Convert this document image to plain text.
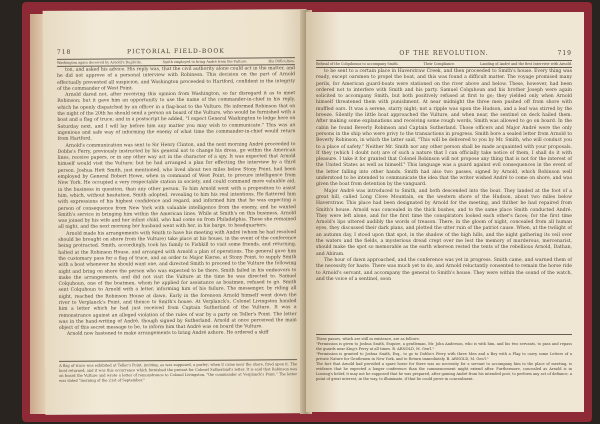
718	PICTORIAL FIELD-BOOK
Washington again deceived by Arnold's Duplicity.	Smith employed to bring André from the Vulture.	His Difficulties.

ton, and asked his advice. His reply was, that the civil authority alone could act in the matter, and he did not approve of a personal interview with Robinson. This decision on the part of Arnold effectually prevented all suspicion, and Washington proceeded to Hartford, confident in the integrity of the commander of West Point.

Arnold dared not, after receiving this opinion from Washington, so far disregard it as to meet Robinson; but it gave him an opportunity to use the name of the commander-in-chief in his reply, which he openly dispatched by an officer in a flag-boat to the Vulture. He informed Robinson that on the night of the 20th he should send a person on board of the Vulture, who would be furnished with a boat and a flag of truce; and in a postscript he added, "I expect General Washington to lodge here on Saturday next, and I will lay before him any matter you may wish to communicate." This was an ingenious and safe way of informing the enemy of what time the commander-in-chief would return from Hartford.

Arnold's communication was sent to Sir Henry Clinton, and the next morning André proceeded to Dobbs's Ferry, previously instructed by his general not to change his dress, go within the American lines, receive papers, or in any other way act in the character of a spy. It was expected that Arnold himself would visit the Vulture; but he had arranged a plan for effecting the interview by a third person. Joshua Hett Smith, just mentioned, who lived about two miles below Stony Point, had been employed by General Robert Howe, when in command of West Point, to procure intelligence from New York. He occupied a very respectable station in society, and could command more valuable aid, in the business in question, than any other person. To him Arnold went with a proposition to assist him, which, without hesitation, Smith adopted, revealing to him his real intentions. He flattered him with expressions of his highest confidence and regard, and informed him that he was expecting a person of consequence from New York with valuable intelligence from the enemy, and he wanted Smith's service in bringing him within the American lines. While at Smith's on this business, Arnold was joined by his wife and her infant child, who had come on from Philadelphia. These she remained all night, and the next morning her husband went with her, in his barge, to headquarters.

Arnold made his arrangements with Smith to have his meeting with André (whom he had resolved should be brought on shore from the Vulture) take place at his house, in the event of the conference being protracted. Smith, accordingly, took his family to Fishkill to visit some friends, and returning, halted at the Robinson House, and arranged with Arnold a plan of operations. The general gave him the customary pass for a flag of truce, and an order to Major Kierse, at Stony Point, to supply Smith with a boat whenever he should want one, and directed Smith to proceed to the Vulture the following night and bring on shore the person who was expected to be there. Smith failed in his endeavors to make the arrangements, and did not visit the Vulture at the time he was directed to. Samuel Colquhoun, one of the boatmen, whom he applied for assistance as boatmen, refused to go. Smith sent Colquhoun to Arnold with a letter, informing him of his failure. The messenger, by riding all night, reached the Robinson House at dawn. Early in the forenoon Arnold himself went down the river to Verplanck's Point, and thence to Smith's house. At Verplanck's, Colonel Livingston handed him a letter which he had just received from Captain Sutherland of the Vulture. It was a remonstrance against an alleged violation of the rules of war by a party on Teller's Point. The letter was in the hand-writing of André, though signed by Sutherland. Arnold at once perceived the main object of this secret message to be, to inform him that André was on board the Vulture.

Arnold now hastened to make arrangements to bring André ashore. He ordered a skiff

A flag of truce was exhibited at Teller's Point, inviting, as was supposed, a parley; when it came near the shore, fired upon it. The boat returned, and it was this occurrence which furnished the pretext for Colonel Sutherland's letter. It is said that Robinson was on board the Vulture and wrote a letter of remonstrance to Colonel Livingston, "the commander at Verplanck's Point." The letter was dated "morning of the 21st of September."
OF THE REVOLUTION.	719
Refusal of the Colquhouns to accompany Smith.	Their Compliance.	Landing of André and the first Interview with Arnold.

to be sent to a certain place in Haverstraw Creek, and then proceeded to Smith's house. Every thing was ready, except oarsmen to propel the boat, and this was found a difficult matter. The voyage promised many perils, for American guard-boats were stationed on the river above and below. These, however, had been ordered not to interfere with Smith and his party. Samuel Colquhoun and his brother Joseph were again solicited to accompany Smith, but both positively refused at first to go; they yielded only when Arnold himself threatened them with punishment. At near midnight the three men pushed off from shore with muffled oars. It was a serene, starry night; not a ripple was upon the Hudson, and a leaf was stirred by the breeze. Silently the little boat approached the Vulture, and when near, the sentinel on deck hailed them. After making some explanations and receiving some rough words, Smith was allowed to go on board. In the cabin he found Beverly Robinson and Captain Sutherland. Those officers and Major André were the only persons in the ship who were privy to the transactions in progress. Smith bore a sealed letter from Arnold to Beverly Robinson, in which the latter said, "This will be delivered to you by Mr. Smith, who will conduct you to a place of safety." Neither Mr. Smith nor any other person shall be made acquainted with your proposals. If they (which I doubt not) are of such a nature that I can officially take notice of them, I shall do it with pleasure. I take it for granted that Colonel Robinson will not propose any thing that is not for the interest of the United States as well as himself." This language was a guard against evil consequences in the event of the letter falling into other hands. Smith had also two passes, signed by Arnold, which Robinson well understood to be intended to communicate the idea that the writer wished André to come on shore, and was given the boat from detention by the vanguard.

Major André was introduced to Smith, and both descended into the boat. They landed at the foot of a great hill, called Long Clove Mountain, on the western shore of the Hudson, about two miles below Haverstraw. This place had been designated by Arnold for the meeting, and thither he had repaired from Smith's house. Arnold was concealed in the thick bushes, and to the same place Smith conducted André. They were left alone, and for the first time the conspirators looked each other's faces; for the first time Arnold's lips uttered audibly the words of treason. There, in the gloom of night, concealed from all human eyes, they discussed their dark plans, and plotted the utter ruin of the patriot cause. When, at the twilight of an autumn day, I stood upon that spot, in the shadow of the high hills, and the night gathering its veil over the waters and the fields, a mysterious dread crept over me lest the memory of murderous, mercenarist, should make the spot so memorable as the earth whereon rested the tents of the rebellious Arnold, Dathan, and Abiram.

The hour of dawn approached, and the conference was yet in progress. Smith came, and warned them of the necessity for haste. There was much yet to do, and Arnold reluctantly consented to remain the horse ride to Arnold's servant, and accompany the general to Smith's house. They were within the sound of the watch, and the voice of a sentinel, soon

These passes, which are still in existence, are as follows:
"Permission is given to Joshua Smith, Esquire, a gentleman, Mr. John Anderson, who is with him, and his two servants, to pass and repass the guards near King's Ferry at all times. B. ARNOLD, M. Gen'l."
"Permission is granted to Joshua Smith, Esq., to go to Dobbs's Ferry with three Men and a Boy with a Flag to carry some Letters of a private Nature for Gentlemen in New York, and to Return immediately. B. ARNOLD, M. Gen'l."
The fact that Arnold had provided a spare horse for there was no necessity for a servant to accompany him to the place of meeting, is evidence that he expected a longer conference than the commencement might extend after. Furthermore, concealed as Arnold is in Lossing's belief, it may not be supposed that he was prepared, after gaining André from his intended post, to perform any act of defiance, a point of great interest, in the way, to illuminate, if that he could prove in concealment.
